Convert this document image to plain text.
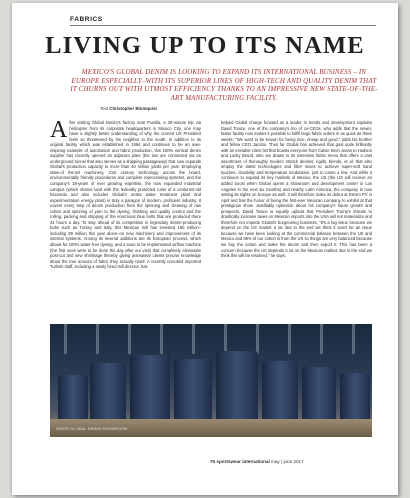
FABRICS
LIVING UP TO ITS NAME
MEXICO'S GLOBAL DENIM IS LOOKING TO EXPAND ITS INTERNATIONAL BUSINESS – IN EUROPE ESPECIALLY–WITH ITS SUPERIOR LINES OF HIGH-TECH AND QUALITY DENIM THAT IT CHURNS OUT WITH UTMOST EFFICIENCY THANKS TO AN IMPRESSIVE NEW STATE-OF-THE-ART MANUFACTURING FACILITY.
Text Christopher Blomquist

After visiting Global Denim's factory near Puebla, a 30-minute trip via helicopter from its corporate headquarters in Mexico City, one may have a slightly better understanding of why the current US President feels so threatened by his neighbor to the south. In addition to its original facility which was established in 1994 and continues to be an awe-inspiring example of automation and fabric production, this 100% vertical denim supplier has recently opened an adjacent plant (the two are connected via an underground tunnel that also serves as a shipping passageway) that now expands Global's production capacity to more than 40 million yards per year. Employing state-of the-art machinery, 21st century technology across the board, environmentally friendly procedures and complete reprocessing systems, and the company's 18-years of ever growing expertise, the now expanded industrial campus (which shares land with the federally protected ruins of a centuries-old hacienda and also includes Global's onsite water treatment plant and experimentation energy plant) is truly a paragon of modern, proficient industry. It covers every step of denim production from the spinning and cleaning of raw cotton and spinning of yarn to the dyeing, finishing and quality control and the rolling, packing and shipping of the enormous blue bolts that are produced there 24 hours a day. To stay ahead of its competition in legendary denim-producing hubs such as Turkey and Italy, this Mexican mill has invested 180 million–including 89 million this year alone–on new machinery and improvement of its internal systems. Among its several additions are its European process, which allows for 100% water-free dyeing, and a soon to be implemented airflow machine (the first ones were to be done the day after our visit) that completely eliminates post-cut and sew shrinkage thereby giving jeanswear clients precise knowledge about the true amount of fabric they actually need. A recently recruited imported Turkish staff, including a newly hired mill director, has

helped Global charge forward as a leader in trends and development explains David Tonice, one of the company's trio of co-CEOs, who adds that the newer, faster facility now makes it possible to fulfill large fabric orders in as quick as three weeks. "We want to be known for being nice, cheap and good," adds his brother and fellow CEO Jacobo. Thus far Global has achieved that goal quite brilliantly with an enviable client list that boasts everyone from Calvin Klein Jeans to Hudson and Lucky Brand, who are drawn to its extensive fabric menu that offers a vast assortment of thoroughly modern stretch denims, rigids, blends, et al. that also employ the latest technologies and fiber mixes to achieve super-soft hand touches, durability and temperature modulation, just to name a few. And while it continues to expand its key markets of Mexico, the US (the US will receive an added boost when Global opens a showroom and development center in Los Angeles in the next six months) and nearby Latin America, the company is now setting its sights on Europe as well. It will therefore make its debut at Denim PV in April and has the honor of being the first-ever Mexican company to exhibit at that prestigious show. Justifiably optimistic about his company's future growth and prospects, David Tonice is equally upbeat that President Trump's threats to drastically increase taxes on Mexican imports into the USA will not materialize and therefore not impede Global's burgeoning business. "It's a big issue because we depend on the US market a lot. But in the end we think it won't be an issue because we have been looking at the commercial balance between the US and Mexico and 98% of our cotton is from the US so things are very balanced because we buy the cotton and make the denim and then export it. This has been a concern because the US depends a lot on the Mexican market. But in the end we think this will be resolved," he says.

GRIDS GLOBAL DENIM SHOWROOM
76 sportswear international may | june 2017
